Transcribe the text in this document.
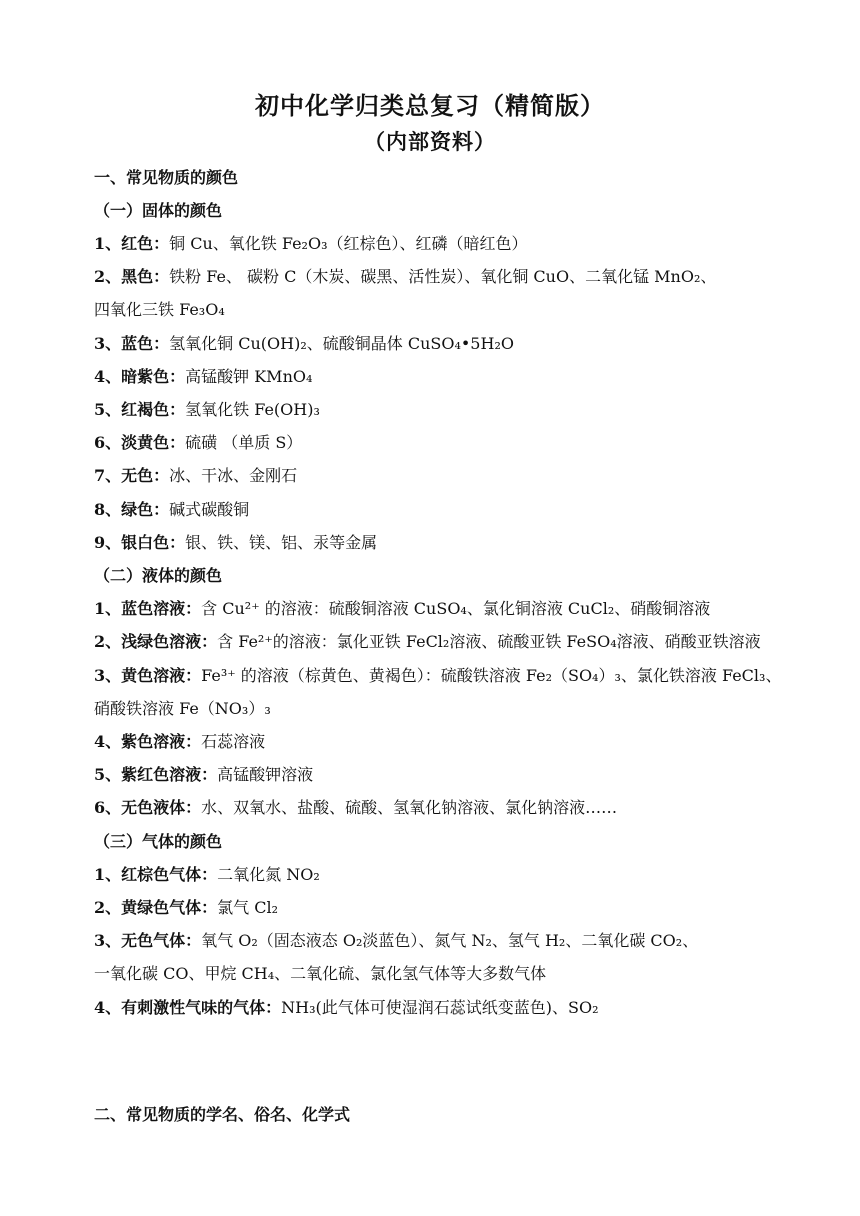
初中化学归类总复习（精简版）
（内部资料）
一、常见物质的颜色
（一）固体的颜色
1、红色：铜 Cu、氧化铁 Fe₂O₃（红棕色）、红磷（暗红色）
2、黑色：铁粉 Fe、 碳粉 C（木炭、碳黑、活性炭）、氧化铜 CuO、二氧化锰 MnO₂、
四氧化三铁 Fe₃O₄
3、蓝色：氢氧化铜 Cu(OH)₂、硫酸铜晶体 CuSO₄•5H₂O
4、暗紫色：高锰酸钾 KMnO₄
5、红褐色：氢氧化铁 Fe(OH)₃
6、淡黄色：硫磺 （单质 S）
7、无色：冰、干冰、金刚石
8、绿色：碱式碳酸铜
9、银白色：银、铁、镁、铝、汞等金属
（二）液体的颜色
1、蓝色溶液：含 Cu²⁺ 的溶液：硫酸铜溶液 CuSO₄、氯化铜溶液 CuCl₂、硝酸铜溶液
2、浅绿色溶液：含 Fe²⁺的溶液：氯化亚铁 FeCl₂溶液、硫酸亚铁 FeSO₄溶液、硝酸亚铁溶液
3、黄色溶液：Fe³⁺ 的溶液（棕黄色、黄褐色）：硫酸铁溶液 Fe₂（SO₄）₃、氯化铁溶液 FeCl₃、
硝酸铁溶液 Fe（NO₃）₃
4、紫色溶液：石蕊溶液
5、紫红色溶液：高锰酸钾溶液
6、无色液体：水、双氧水、盐酸、硫酸、氢氧化钠溶液、氯化钠溶液……
（三）气体的颜色
1、红棕色气体：二氧化氮 NO₂
2、黄绿色气体：氯气 Cl₂
3、无色气体：氧气 O₂（固态液态 O₂淡蓝色）、氮气 N₂、氢气 H₂、二氧化碳 CO₂、
一氧化碳 CO、甲烷 CH₄、二氧化硫、氯化氢气体等大多数气体
4、有刺激性气味的气体：NH₃(此气体可使湿润石蕊试纸变蓝色)、SO₂
二、常见物质的学名、俗名、化学式
